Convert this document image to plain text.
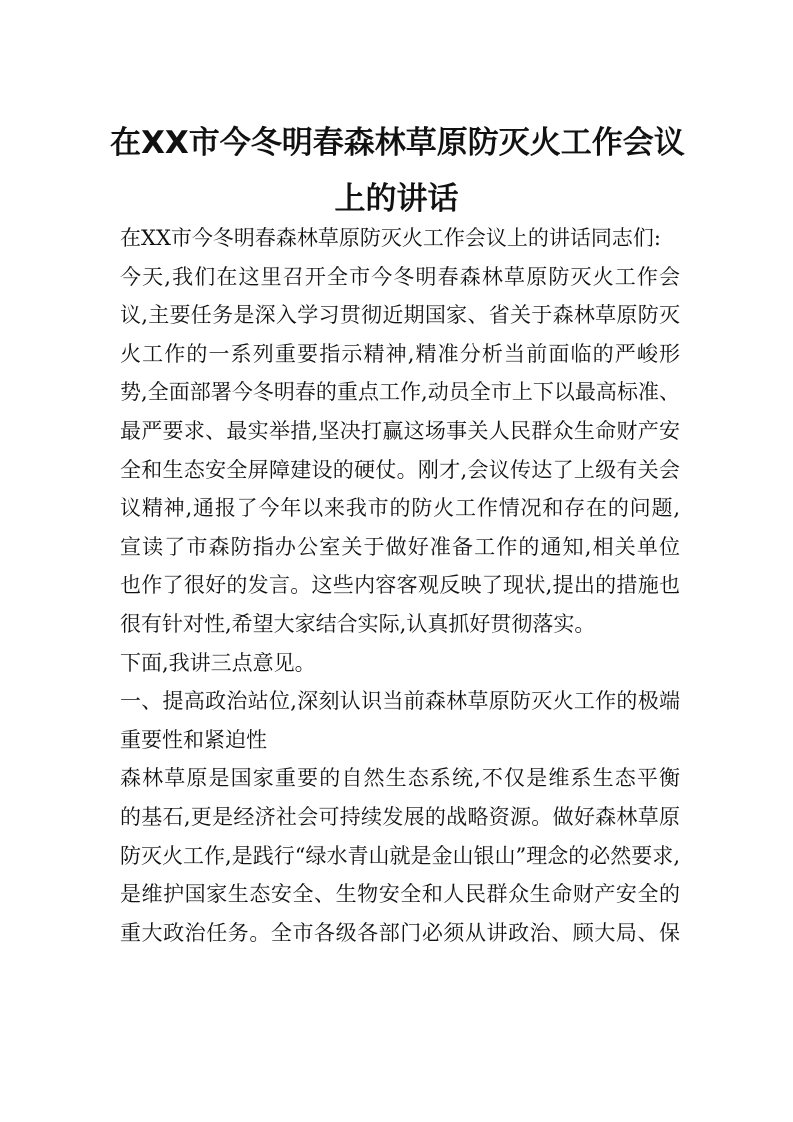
在XX市今冬明春森林草原防灭火工作会议
上的讲话
在XX市今冬明春森林草原防灭火工作会议上的讲话同志们:
今天,我们在这里召开全市今冬明春森林草原防灭火工作会
议,主要任务是深入学习贯彻近期国家、省关于森林草原防灭
火工作的一系列重要指示精神,精准分析当前面临的严峻形
势,全面部署今冬明春的重点工作,动员全市上下以最高标准、
最严要求、最实举措,坚决打赢这场事关人民群众生命财产安
全和生态安全屏障建设的硬仗。刚才,会议传达了上级有关会
议精神,通报了今年以来我市的防火工作情况和存在的问题,
宣读了市森防指办公室关于做好准备工作的通知,相关单位
也作了很好的发言。这些内容客观反映了现状,提出的措施也
很有针对性,希望大家结合实际,认真抓好贯彻落实。
下面,我讲三点意见。
一、提高政治站位,深刻认识当前森林草原防灭火工作的极端
重要性和紧迫性
森林草原是国家重要的自然生态系统,不仅是维系生态平衡
的基石,更是经济社会可持续发展的战略资源。做好森林草原
防灭火工作,是践行“绿水青山就是金山银山”理念的必然要求,
是维护国家生态安全、生物安全和人民群众生命财产安全的
重大政治任务。全市各级各部门必须从讲政治、顾大局、保
